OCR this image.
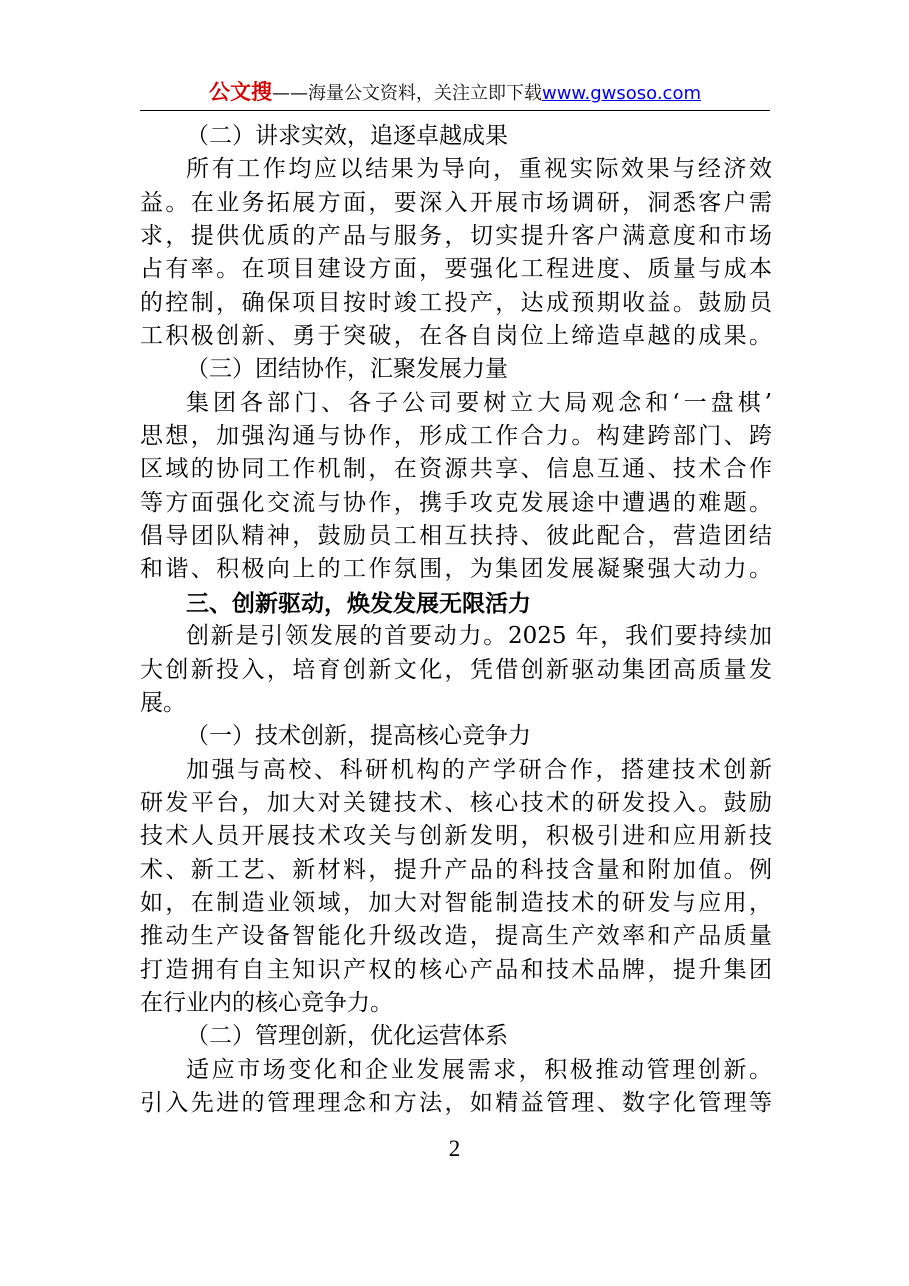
公文搜——海量公文资料，关注立即下载www.gwsoso.com
（二）讲求实效，追逐卓越成果
所有工作均应以结果为导向，重视实际效果与经济效
益。在业务拓展方面，要深入开展市场调研，洞悉客户需
求，提供优质的产品与服务，切实提升客户满意度和市场
占有率。在项目建设方面，要强化工程进度、质量与成本
的控制，确保项目按时竣工投产，达成预期收益。鼓励员
工积极创新、勇于突破，在各自岗位上缔造卓越的成果。
（三）团结协作，汇聚发展力量
集团各部门、各子公司要树立大局观念和‘一盘棋’
思想，加强沟通与协作，形成工作合力。构建跨部门、跨
区域的协同工作机制，在资源共享、信息互通、技术合作
等方面强化交流与协作，携手攻克发展途中遭遇的难题。
倡导团队精神，鼓励员工相互扶持、彼此配合，营造团结
和谐、积极向上的工作氛围，为集团发展凝聚强大动力。
三、创新驱动，焕发发展无限活力
创新是引领发展的首要动力。2025 年，我们要持续加
大创新投入，培育创新文化，凭借创新驱动集团高质量发
展。
（一）技术创新，提高核心竞争力
加强与高校、科研机构的产学研合作，搭建技术创新
研发平台，加大对关键技术、核心技术的研发投入。鼓励
技术人员开展技术攻关与创新发明，积极引进和应用新技
术、新工艺、新材料，提升产品的科技含量和附加值。例
如，在制造业领域，加大对智能制造技术的研发与应用，
推动生产设备智能化升级改造，提高生产效率和产品质量
打造拥有自主知识产权的核心产品和技术品牌，提升集团
在行业内的核心竞争力。
（二）管理创新，优化运营体系
适应市场变化和企业发展需求，积极推动管理创新。
引入先进的管理理念和方法，如精益管理、数字化管理等
2
